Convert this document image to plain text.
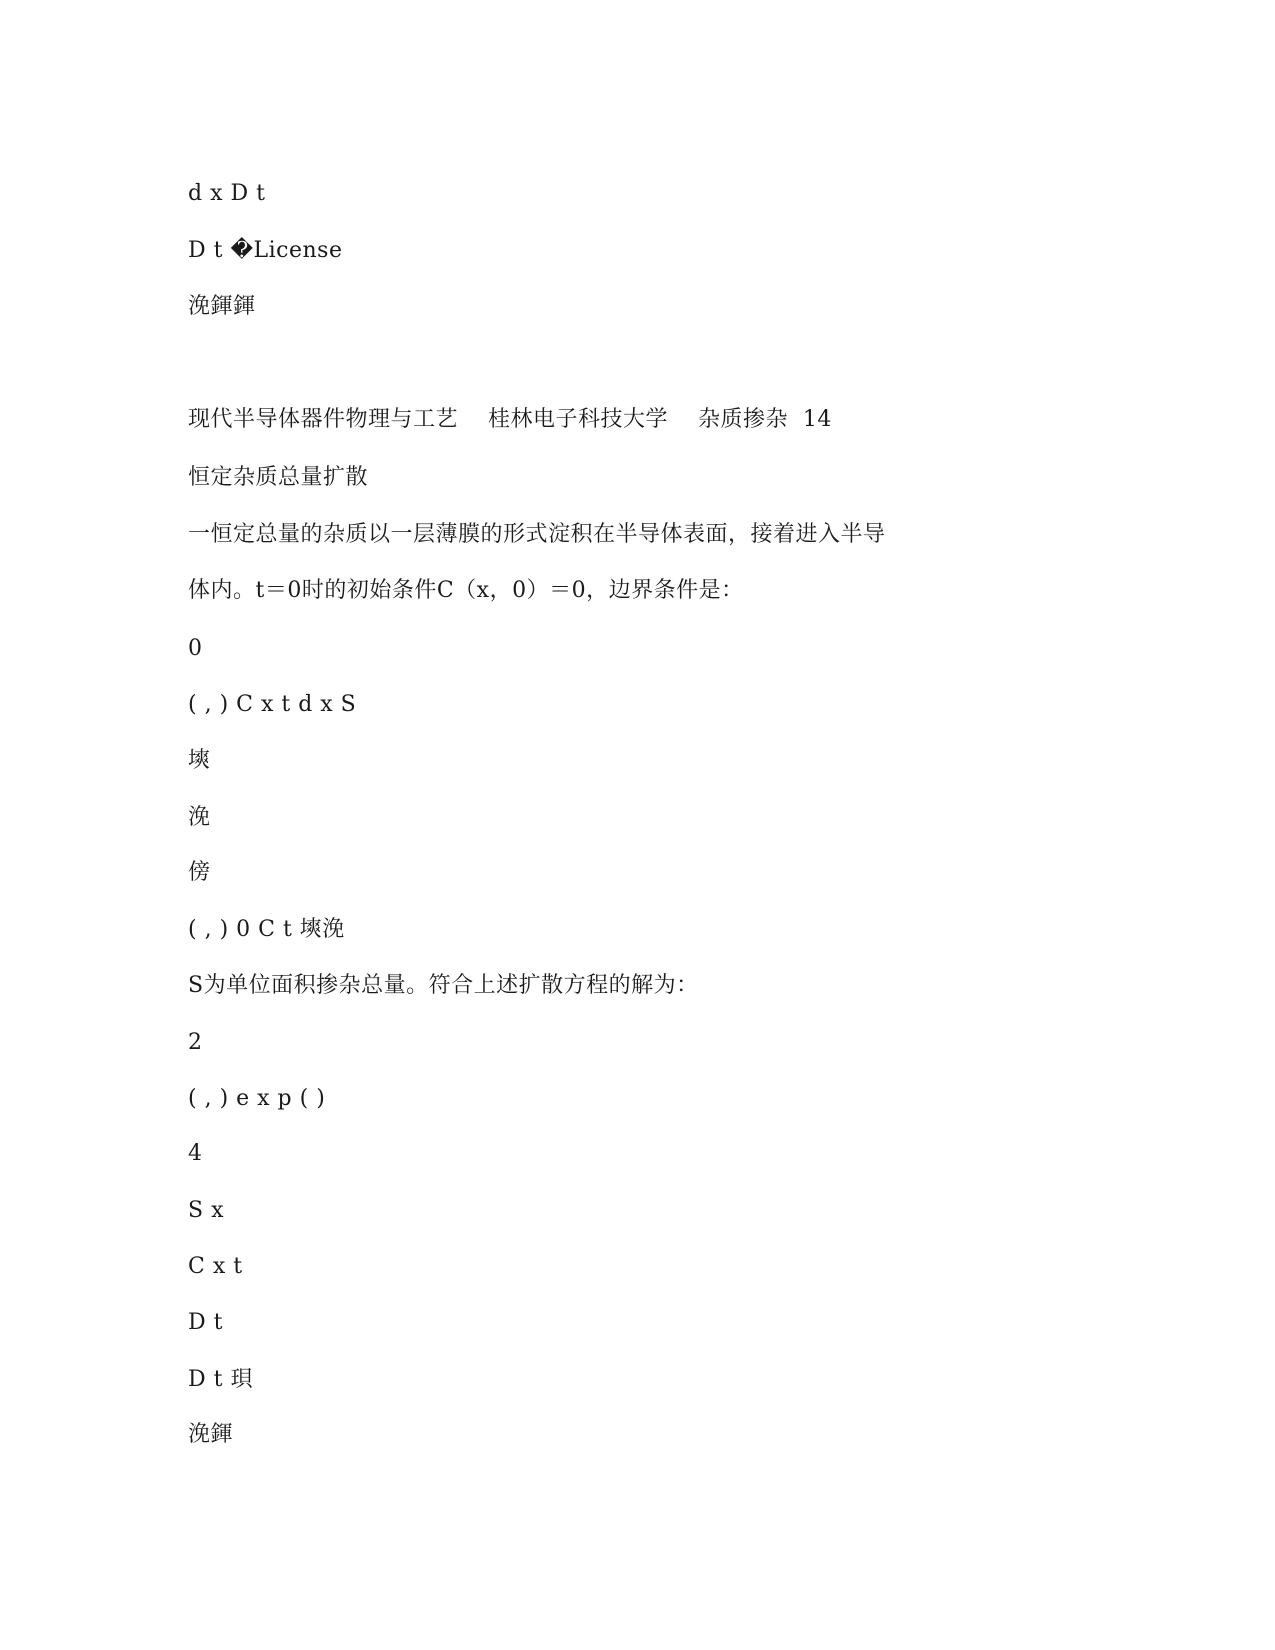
d x D t
D t �License
浼鍕鍕
现代半导体器件物理与工艺    桂林电子科技大学    杂质掺杂  14
恒定杂质总量扩散
一恒定总量的杂质以一层薄膜的形式淀积在半导体表面，接着进入半导
体内。t＝0时的初始条件C（x，0）＝0，边界条件是：
0
( , ) C x t d x S
塽
浼
傍
( , ) 0 C t 塽浼
S为单位面积掺杂总量。符合上述扩散方程的解为：
2
( , ) e x p ( )
4
S x
C x t
D t
D t 珼
浼鍕
